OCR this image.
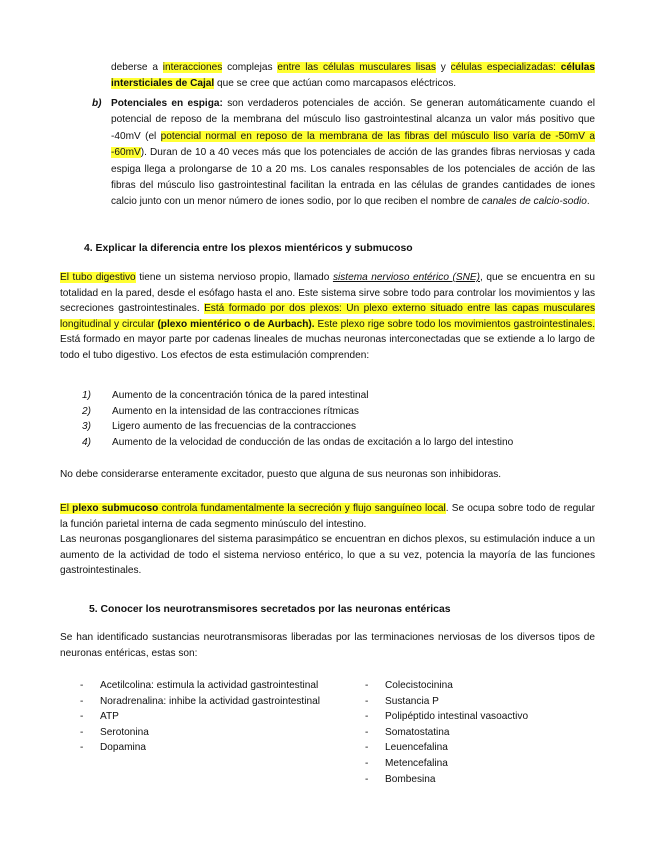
deberse a interacciones complejas entre las células musculares lisas y células especializadas: células intersticiales de Cajal que se cree que actúan como marcapasos eléctricos.

b) Potenciales en espiga: son verdaderos potenciales de acción. Se generan automáticamente cuando el potencial de reposo de la membrana del músculo liso gastrointestinal alcanza un valor más positivo que -40mV (el potencial normal en reposo de la membrana de las fibras del músculo liso varía de -50mV a -60mV). Duran de 10 a 40 veces más que los potenciales de acción de las grandes fibras nerviosas y cada espiga llega a prolongarse de 10 a 20 ms. Los canales responsables de los potenciales de acción de las fibras del músculo liso gastrointestinal facilitan la entrada en las células de grandes cantidades de iones calcio junto con un menor número de iones sodio, por lo que reciben el nombre de canales de calcio-sodio.

4. Explicar la diferencia entre los plexos mientéricos y submucoso

El tubo digestivo tiene un sistema nervioso propio, llamado sistema nervioso entérico (SNE), que se encuentra en su totalidad en la pared, desde el esófago hasta el ano. Este sistema sirve sobre todo para controlar los movimientos y las secreciones gastrointestinales. Está formado por dos plexos: Un plexo externo situado entre las capas musculares longitudinal y circular (plexo mientérico o de Aurbach). Este plexo rige sobre todo los movimientos gastrointestinales. Está formado en mayor parte por cadenas lineales de muchas neuronas interconectadas que se extiende a lo largo de todo el tubo digestivo. Los efectos de esta estimulación comprenden:

1) Aumento de la concentración tónica de la pared intestinal
2) Aumento en la intensidad de las contracciones rítmicas
3) Ligero aumento de las frecuencias de la contracciones
4) Aumento de la velocidad de conducción de las ondas de excitación a lo largo del intestino

No debe considerarse enteramente excitador, puesto que alguna de sus neuronas son inhibidoras.

El plexo submucoso controla fundamentalmente la secreción y flujo sanguíneo local. Se ocupa sobre todo de regular la función parietal interna de cada segmento minúsculo del intestino.

Las neuronas posganglionares del sistema parasimpático se encuentran en dichos plexos, su estimulación induce a un aumento de la actividad de todo el sistema nervioso entérico, lo que a su vez, potencia la mayoría de las funciones gastrointestinales.

5. Conocer los neurotransmisores secretados por las neuronas entéricas

Se han identificado sustancias neurotransmisoras liberadas por las terminaciones nerviosas de los diversos tipos de neuronas entéricas, estas son:

- Acetilcolina: estimula la actividad gastrointestinal
- Noradrenalina: inhibe la actividad gastrointestinal
- ATP
- Serotonina
- Dopamina
- Colecistocinina
- Sustancia P
- Polipéptido intestinal vasoactivo
- Somatostatina
- Leuencefalina
- Metencefalina
- Bombesina
